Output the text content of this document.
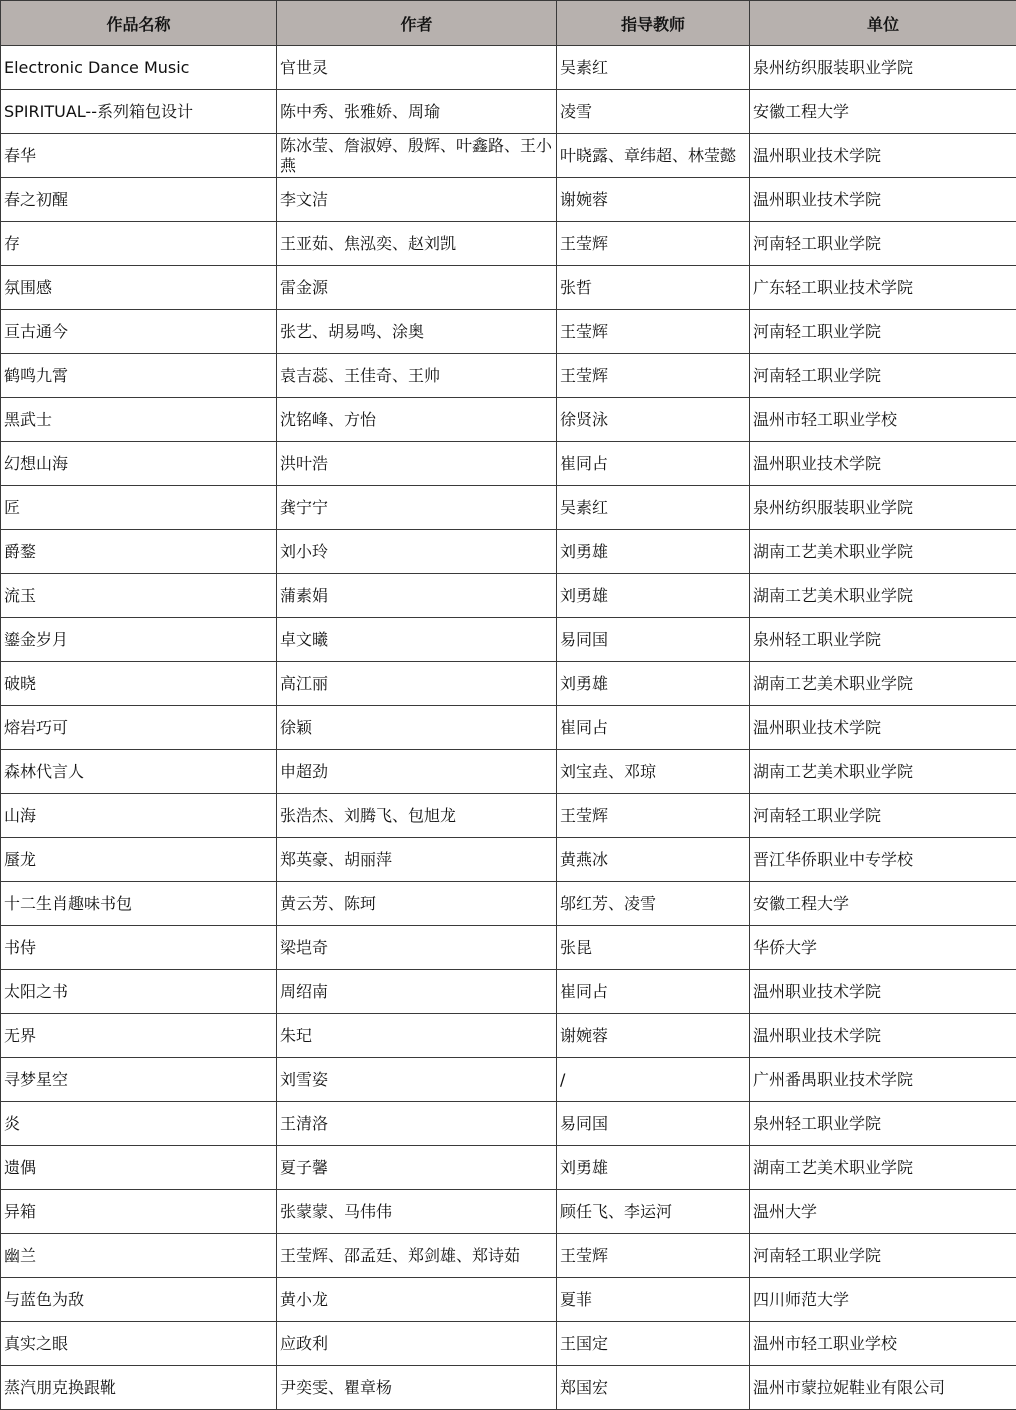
作品名称	作者	指导教师	单位
Electronic Dance Music	官世灵	吴素红	泉州纺织服装职业学院
SPIRITUAL--系列箱包设计	陈中秀、张雅娇、周瑜	凌雪	安徽工程大学
春华	陈冰莹、詹淑婷、殷辉、叶鑫路、王小燕	叶晓露、章纬超、林莹懿	温州职业技术学院
春之初醒	李文洁	谢婉蓉	温州职业技术学院
存	王亚茹、焦泓奕、赵刘凯	王莹辉	河南轻工职业学院
氛围感	雷金源	张哲	广东轻工职业技术学院
亘古通今	张艺、胡易鸣、涂奥	王莹辉	河南轻工职业学院
鹤鸣九霄	袁吉蕊、王佳奇、王帅	王莹辉	河南轻工职业学院
黑武士	沈铭峰、方怡	徐贤泳	温州市轻工职业学校
幻想山海	洪叶浩	崔同占	温州职业技术学院
匠	龚宁宁	吴素红	泉州纺织服装职业学院
爵鍪	刘小玲	刘勇雄	湖南工艺美术职业学院
流玉	蒲素娟	刘勇雄	湖南工艺美术职业学院
鎏金岁月	卓文曦	易同国	泉州轻工职业学院
破晓	高江丽	刘勇雄	湖南工艺美术职业学院
熔岩巧可	徐颖	崔同占	温州职业技术学院
森林代言人	申超劲	刘宝垚、邓琼	湖南工艺美术职业学院
山海	张浩杰、刘腾飞、包旭龙	王莹辉	河南轻工职业学院
蜃龙	郑英豪、胡丽萍	黄燕冰	晋江华侨职业中专学校
十二生肖趣味书包	黄云芳、陈珂	邬红芳、凌雪	安徽工程大学
书侍	梁垲奇	张昆	华侨大学
太阳之书	周绍南	崔同占	温州职业技术学院
无界	朱玘	谢婉蓉	温州职业技术学院
寻梦星空	刘雪姿	/	广州番禺职业技术学院
炎	王清洛	易同国	泉州轻工职业学院
遗偶	夏子馨	刘勇雄	湖南工艺美术职业学院
异箱	张蒙蒙、马伟伟	顾任飞、李运河	温州大学
幽兰	王莹辉、邵孟廷、郑剑雄、郑诗茹	王莹辉	河南轻工职业学院
与蓝色为敌	黄小龙	夏菲	四川师范大学
真实之眼	应政利	王国定	温州市轻工职业学校
蒸汽朋克换跟靴	尹奕雯、瞿章杨	郑国宏	温州市蒙拉妮鞋业有限公司
